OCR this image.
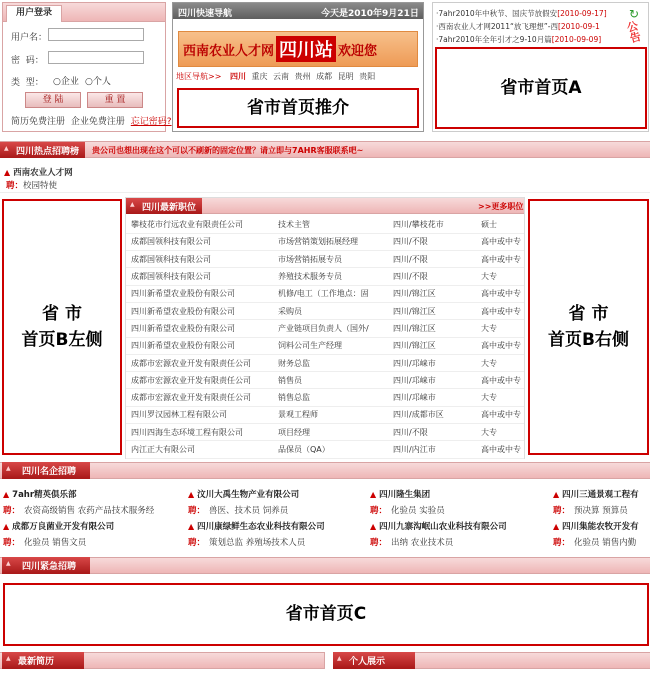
用户登录
用户名：
密  码：
类  型： ○企业 ○个人
登 陆	重 置
简历免费注册 企业免费注册 忘记密码?
四川快速导航	今天是2010年9月21日
西南农业人才网 四川站 欢迎您
地区导航>> 四川 重庆 云南 贵州 成都 昆明 贵阳
省市首页推介
·7ahr2010年中秋节、国庆节放假安[2010-09-17]
·西南农业人才网2011“放飞理想”-西[2010-09-1
·7ahr2010年全年引才之9-10月篇[2010-09-09]
↻
公告
省市首页A
▲ 四川热点招聘榜	贵公司也想出现在这个可以不刷新的固定位置？请立即与7AHR客服联系吧~
▲ 西南农业人才网
聘：校园特使
省 市
首页B左侧
省 市
首页B右侧
▲ 四川最新职位	>>更多职位
攀枝花市行远农业有限责任公司	技术主管	四川/攀枝花市	硕士
成都国领科技有限公司	市场营销策划拓展经理	四川/不限	高中或中专
成都国领科技有限公司	市场营销拓展专员	四川/不限	高中或中专
成都国领科技有限公司	养殖技术服务专员	四川/不限	大专
四川新希望农业股份有限公司	机修/电工（工作地点：固	四川/锦江区	高中或中专
四川新希望农业股份有限公司	采购员	四川/锦江区	高中或中专
四川新希望农业股份有限公司	产业链项目负责人（国外/	四川/锦江区	大专
四川新希望农业股份有限公司	饲料公司生产经理	四川/锦江区	高中或中专
成都市宏源农业开发有限责任公司	财务总监	四川/邛崃市	大专
成都市宏源农业开发有限责任公司	销售员	四川/邛崃市	高中或中专
成都市宏源农业开发有限责任公司	销售总监	四川/邛崃市	大专
四川罗汉园林工程有限公司	景观工程师	四川/成都市区	高中或中专
四川四海生态环境工程有限公司	项目经理	四川/不限	大专
内江正大有限公司	品保员（QA）	四川/内江市	高中或中专
▲ 四川名企招聘
▲ 7ahr精英俱乐部
聘： 农资高级销售 农药产品技术服务经
▲ 汶川大禹生物产业有限公司
聘： 兽医、技术员 饲养员
▲ 四川隆生集团
聘： 化验员 实验员
▲ 四川三通景观工程有
聘： 预决算 预算员
▲ 成都万良菌业开发有限公司
聘： 化验员 销售文员
▲ 四川康绿鲜生态农业科技有限公司
聘： 策划总监 养殖场技术人员
▲ 四川九寨沟岷山农业科技有限公司
聘： 出纳 农业技术员
▲ 四川集能农牧开发有
聘： 化验员 销售内勤
▲ 四川紧急招聘
省市首页C
▲ 最新简历	▲ 个人展示
